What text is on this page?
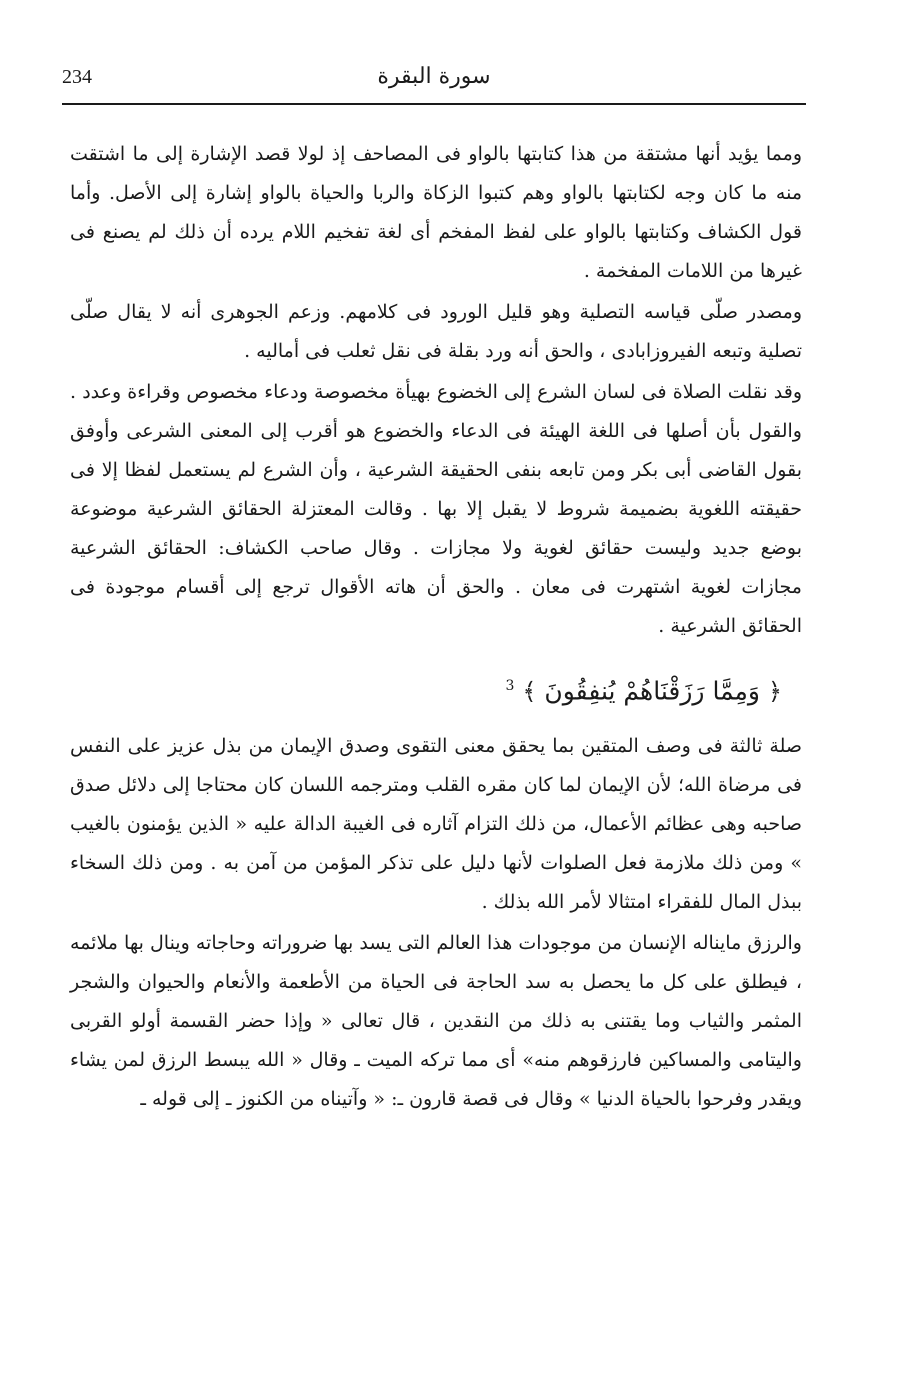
سورة البقرة
234

ومما يؤيد أنها مشتقة من هذا كتابتها بالواو فى المصاحف إذ لولا قصد الإشارة إلى ما اشتقت منه ما كان وجه لكتابتها بالواو وهم كتبوا الزكاة والربا والحياة بالواو إشارة إلى الأصل. وأما قول الكشاف وكتابتها بالواو على لفظ المفخم أى لغة تفخيم اللام يرده أن ذلك لم يصنع فى غيرها من اللامات المفخمة .

ومصدر صلّى قياسه التصلية وهو قليل الورود فى كلامهم. وزعم الجوهرى أنه لا يقال صلّى تصلية وتبعه الفيروزابادى ، والحق أنه ورد بقلة فى نقل ثعلب فى أماليه .

وقد نقلت الصلاة فى لسان الشرع إلى الخضوع بهيأة مخصوصة ودعاء مخصوص وقراءة وعدد . والقول بأن أصلها فى اللغة الهيئة فى الدعاء والخضوع هو أقرب إلى المعنى الشرعى وأوفق بقول القاضى أبى بكر ومن تابعه بنفى الحقيقة الشرعية ، وأن الشرع لم يستعمل لفظا إلا فى حقيقته اللغوية بضميمة شروط لا يقبل إلا بها . وقالت المعتزلة الحقائق الشرعية موضوعة بوضع جديد وليست حقائق لغوية ولا مجازات . وقال صاحب الكشاف: الحقائق الشرعية مجازات لغوية اشتهرت فى معان . والحق أن هاته الأقوال ترجع إلى أقسام موجودة فى الحقائق الشرعية .

﴿ وَمِمَّا رَزَقْنَاهُمْ يُنفِقُونَ ﴾ $^3$

صلة ثالثة فى وصف المتقين بما يحقق معنى التقوى وصدق الإيمان من بذل عزيز على النفس فى مرضاة الله؛ لأن الإيمان لما كان مقره القلب ومترجمه اللسان كان محتاجا إلى دلائل صدق صاحبه وهى عظائم الأعمال، من ذلك التزام آثاره فى الغيبة الدالة عليه « الذين يؤمنون بالغيب » ومن ذلك ملازمة فعل الصلوات لأنها دليل على تذكر المؤمن من آمن به . ومن ذلك السخاء ببذل المال للفقراء امتثالا لأمر الله بذلك .

والرزق مايناله الإنسان من موجودات هذا العالم التى يسد بها ضروراته وحاجاته وينال بها ملائمه ، فيطلق على كل ما يحصل به سد الحاجة فى الحياة من الأطعمة والأنعام والحيوان والشجر المثمر والثياب وما يقتنى به ذلك من النقدين ، قال تعالى « وإذا حضر القسمة أولو القربى واليتامى والمساكين فارزقوهم منه» أى مما تركه الميت ـ وقال « الله يبسط الرزق لمن يشاء ويقدر وفرحوا بالحياة الدنيا » وقال فى قصة قارون ـ: « وآتيناه من الكنوز ـ إلى قوله ـ
